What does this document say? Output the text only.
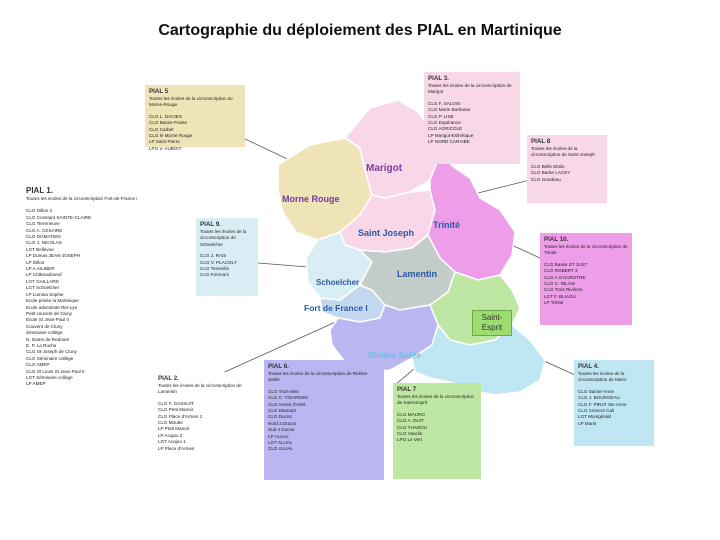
Cartographie du déploiement des PIAL en Martinique
Marigot
Morne Rouge
Saint Joseph
Trinité
Lamentin
Schoelcher
Fort de France I
Rivière Salée
Saint-
Esprit
PIAL 5
Toutes les écoles de la circonscription du Morne-Rouge
CLG L. DACIES
CLG Basse-Pointe
CLG Carbet
CLG le Morne Rouge
LP Saint Pierre
LPO V. AUBOIT
PIAL 3.
Toutes les écoles de la circonscription de Marigot
CLG F. SALOIS
CLG Marie Barbaras
CLG P. LISE
CLG Espérance
CLG AGRICOLE
LP Marigot-Esthétique
LP NORD CARAIBE	PIAL 8
Toutes les écoles de la circonscription de Saint-Joseph
CLG Belle Etoile
CLG Barbe LACEY
CLG Gondeau
PIAL 1.
Toutes les écoles de la circonscription Fort-de-France I
CLG Dillon 2
CLG Constant SAINTE-CLAIRE
CLG Terreneuve
CLG A. CESAIRE
CLG DOMATIEN
CLG J. NICOLAS
LGT Bellevue
LP Dumas JEAN-JOSEPH
LP Dillon
LP A.AILIBER
LP Châteauboeuf
LGT GAILLARD
LGT Schoelcher
LP Lumina Sophie
Ecole privée la Martinique
Ecole adventiste Rer-Lye
Petit couvent de Cluny
Ecole St Jean-Paul II
Couvent de Cluny
Séminaire collège
N. Dame de Redoute
E. P. La Ruche
CLG St-Joseph de Cluny
CLG Séminaire collège
CLG AMEP
CLG St Louis St Jean Paul II
LGT Séminaire collège
LP AMEP
PIAL 9.
Toutes les écoles de la circonscription de Schoelcher
CLG J. RAIS
CLG V. PLACOLY
CLG Terreville
CLG Fonroum
PIAL 10.
Toutes les écoles de la circonscription de Trinité
CLG Basse ST JUST
CLG ROBERT 3
CLG A.SYLVESTRE
CLG C. NILAW
CLG Trois Rivières
LGT F. BLIAOU
LP Trinité
PIAL 2.
Toutes les écoles de la circonscription de Lamentin
CLG F. GASSUIT
CLG Petit Manoir
CLG Place d'Armes 2
CLG Moutte
LP Petit Manoir
LP Acajou 2
LGT Acajou 1
LP Place d'Armes
PIAL 6.
Toutes les écoles de la circonscription de Rivière-Salée
CLG Trois-Ilets
CLG C. TIGARDINI
CLG Anses d'Arlet
CLG Diamant
CLG Ducos
Nord 3 Ducos
Sud 4 Ducos
LP ALUAL
LGT ALUAL
CLG ALUAL
PIAL 7
Toutes les écoles de la circonscription de Saint-Esprit
CLG MAURO
CLG A. DUIT
CLG THADOU
CLG Vauclin
LPO Le Vert
PIAL 4.
Toutes les écoles de la circonscription de Marin
CLG Sainte-Anne
CLG J. BOURGEAU
CLG F. PIRAT Ste Anne
CLG Cément Cali
LGT Montgérald
LP Marin
